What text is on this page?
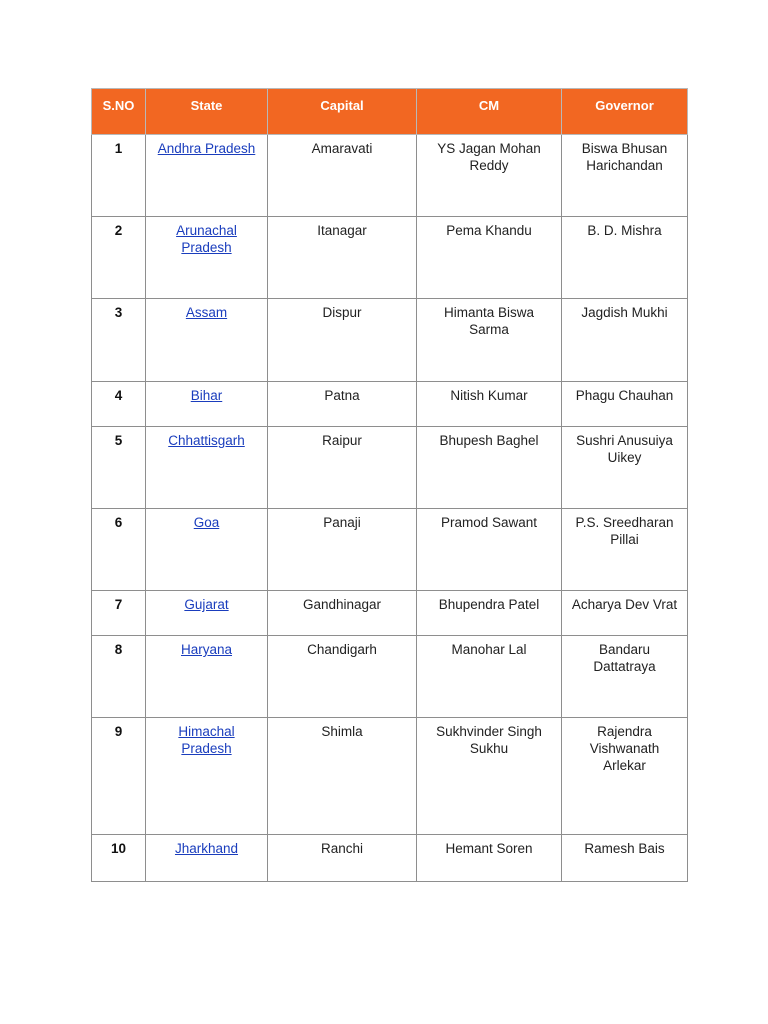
S.NO	State	Capital	CM	Governor
1	Andhra Pradesh	Amaravati	YS Jagan Mohan Reddy	Biswa Bhusan Harichandan
2	Arunachal Pradesh	Itanagar	Pema Khandu	B. D. Mishra
3	Assam	Dispur	Himanta Biswa Sarma	Jagdish Mukhi
4	Bihar	Patna	Nitish Kumar	Phagu Chauhan
5	Chhattisgarh	Raipur	Bhupesh Baghel	Sushri Anusuiya Uikey
6	Goa	Panaji	Pramod Sawant	P.S. Sreedharan Pillai
7	Gujarat	Gandhinagar	Bhupendra Patel	Acharya Dev Vrat
8	Haryana	Chandigarh	Manohar Lal	Bandaru Dattatraya
9	Himachal Pradesh	Shimla	Sukhvinder Singh Sukhu	Rajendra Vishwanath Arlekar
10	Jharkhand	Ranchi	Hemant Soren	Ramesh Bais
